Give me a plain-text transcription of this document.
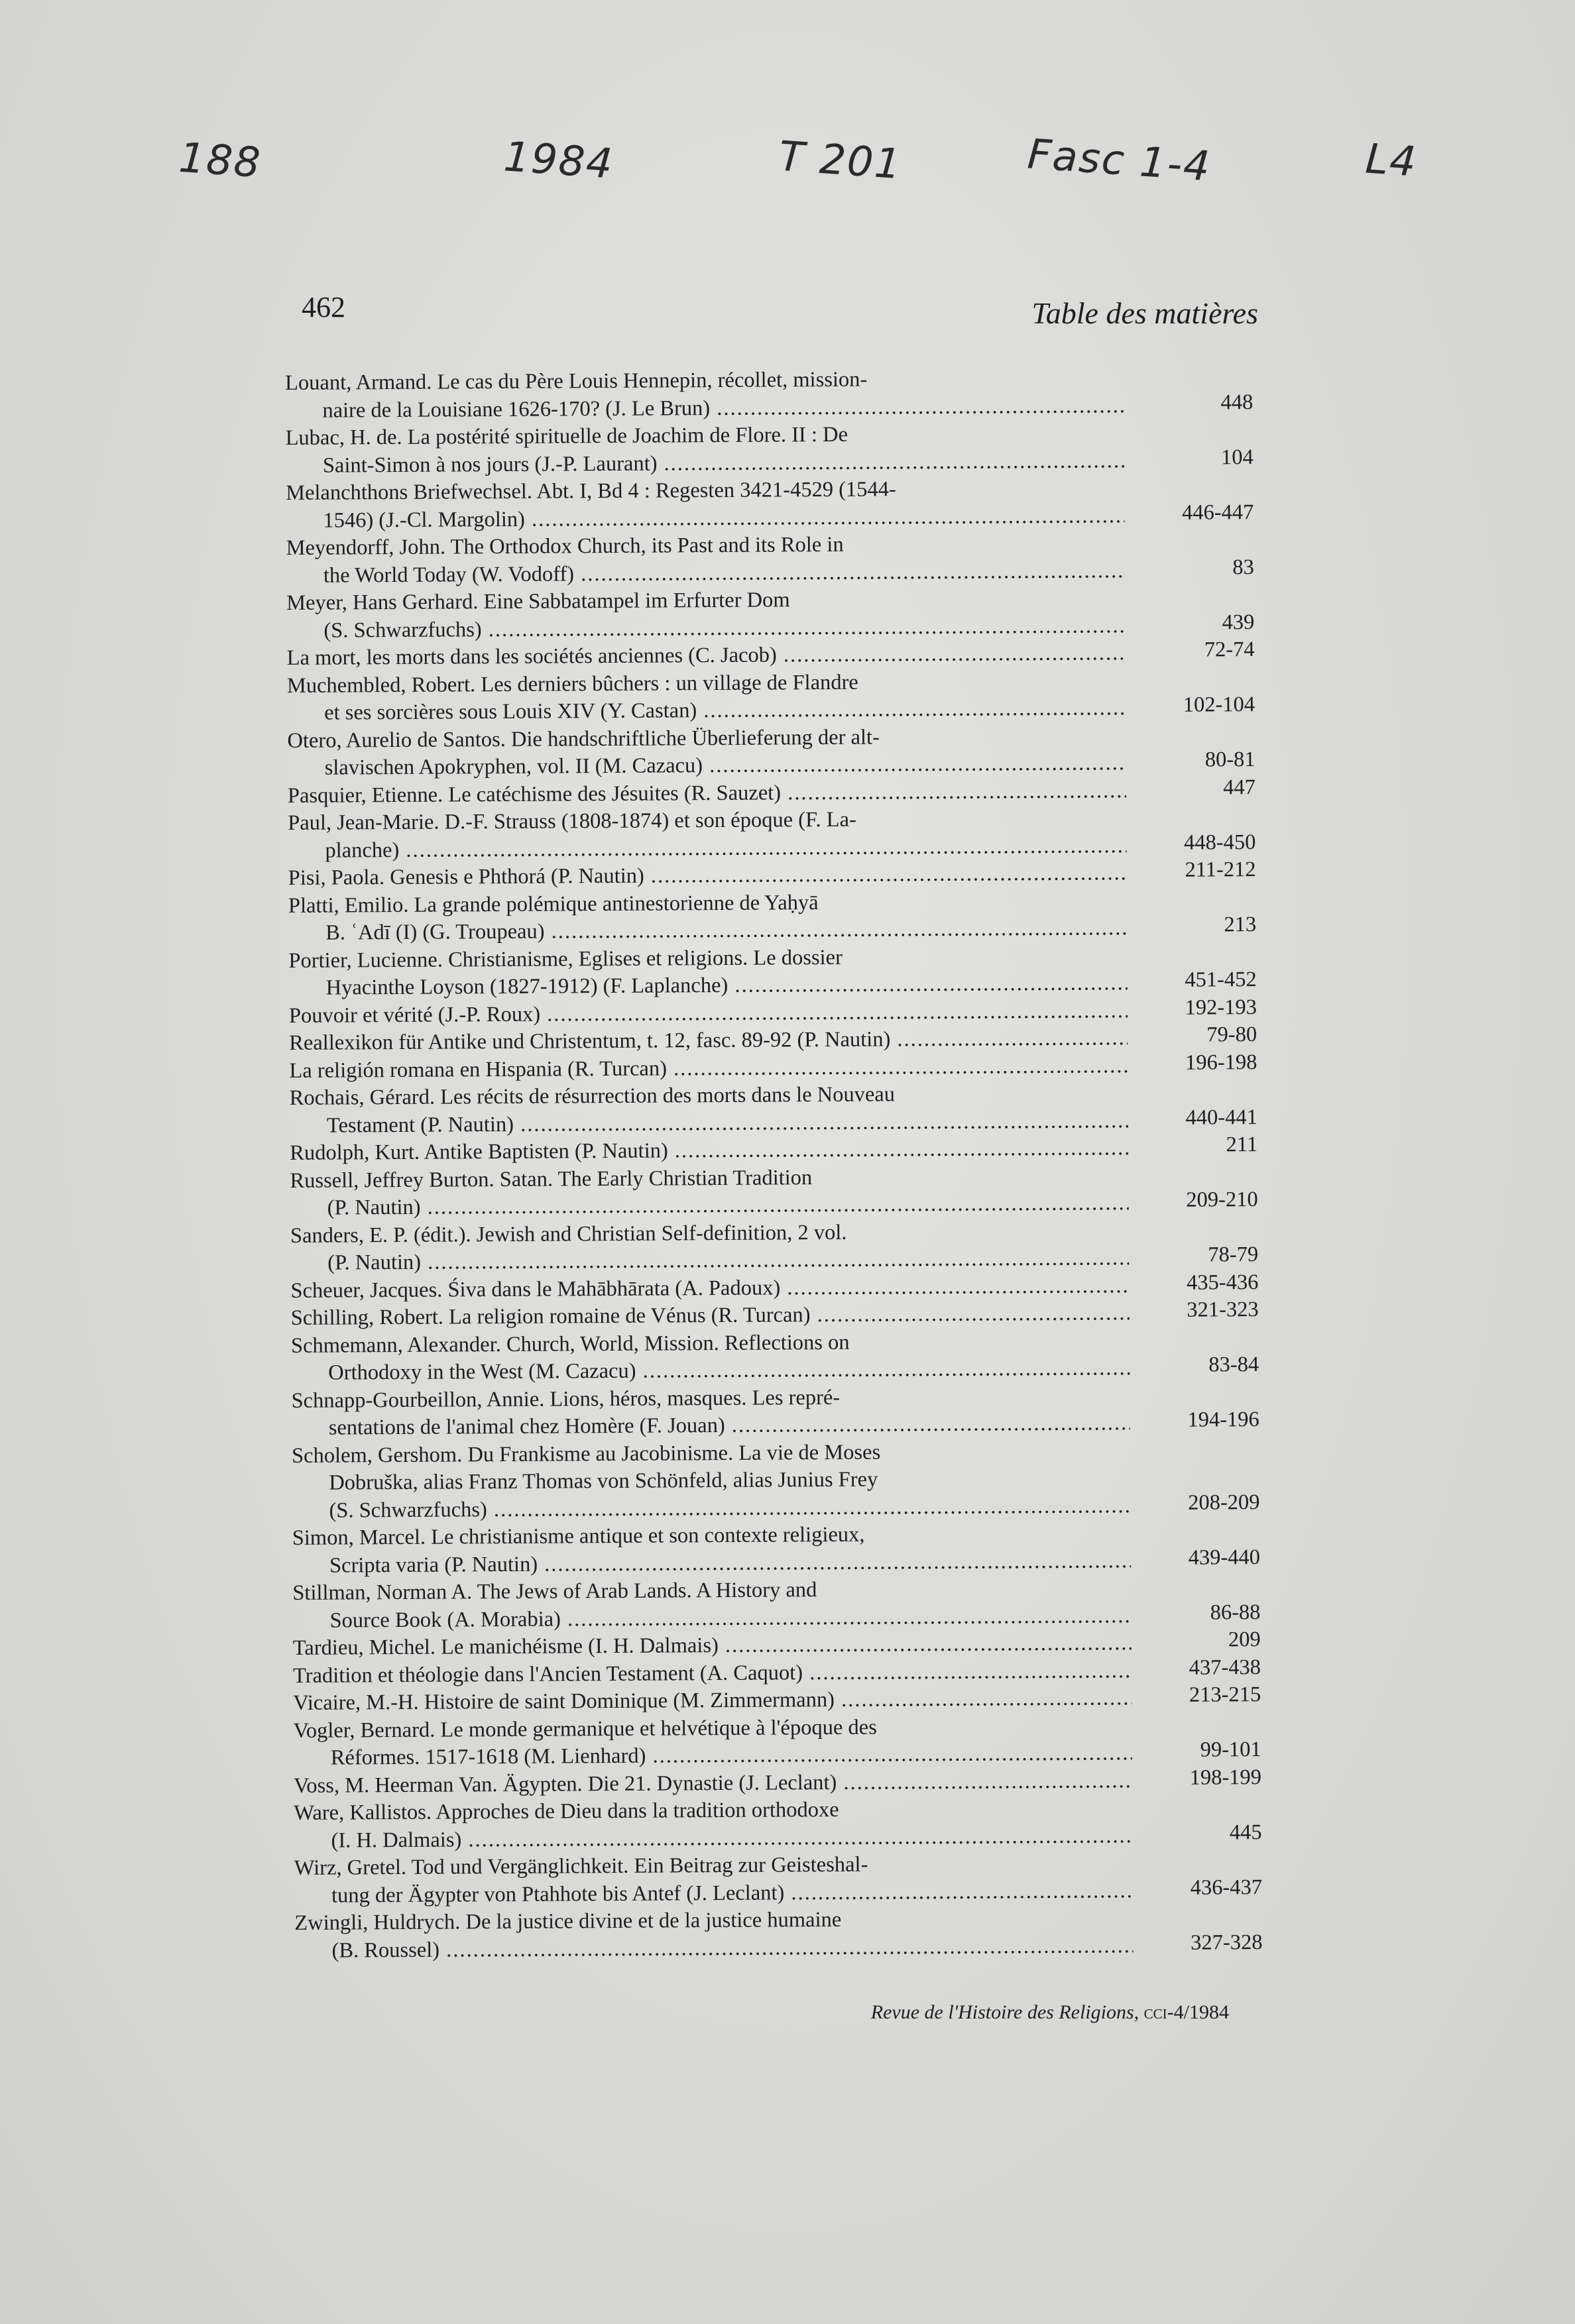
188	1984	T 201	Fasc 1-4	L4
462	Table des matières
Louant, Armand. Le cas du Père Louis Hennepin, récollet, mission-
naire de la Louisiane 1626-170? (J. Le Brun) .....	448
Lubac, H. de. La postérité spirituelle de Joachim de Flore. II : De
Saint-Simon à nos jours (J.-P. Laurant) .....	104
Melanchthons Briefwechsel. Abt. I, Bd 4 : Regesten 3421-4529 (1544-
1546) (J.-Cl. Margolin) .....	446-447
Meyendorff, John. The Orthodox Church, its Past and its Role in
the World Today (W. Vodoff) .....	83
Meyer, Hans Gerhard. Eine Sabbatampel im Erfurter Dom
(S. Schwarzfuchs) .....	439
La mort, les morts dans les sociétés anciennes (C. Jacob) .....	72-74
Muchembled, Robert. Les derniers bûchers : un village de Flandre
et ses sorcières sous Louis XIV (Y. Castan) .....	102-104
Otero, Aurelio de Santos. Die handschriftliche Überlieferung der alt-
slavischen Apokryphen, vol. II (M. Cazacu) .....	80-81
Pasquier, Etienne. Le catéchisme des Jésuites (R. Sauzet) .....	447
Paul, Jean-Marie. D.-F. Strauss (1808-1874) et son époque (F. La-
planche) .....	448-450
Pisi, Paola. Genesis e Phthorá (P. Nautin) .....	211-212
Platti, Emilio. La grande polémique antinestorienne de Yaḥyā
B. ʿAdī (I) (G. Troupeau) .....	213
Portier, Lucienne. Christianisme, Eglises et religions. Le dossier
Hyacinthe Loyson (1827-1912) (F. Laplanche) .....	451-452
Pouvoir et vérité (J.-P. Roux) .....	192-193
Reallexikon für Antike und Christentum, t. 12, fasc. 89-92 (P. Nautin) .....	79-80
La religión romana en Hispania (R. Turcan) .....	196-198
Rochais, Gérard. Les récits de résurrection des morts dans le Nouveau
Testament (P. Nautin) .....	440-441
Rudolph, Kurt. Antike Baptisten (P. Nautin) .....	211
Russell, Jeffrey Burton. Satan. The Early Christian Tradition
(P. Nautin) .....	209-210
Sanders, E. P. (édit.). Jewish and Christian Self-definition, 2 vol.
(P. Nautin) .....	78-79
Scheuer, Jacques. Śiva dans le Mahābhārata (A. Padoux) .....	435-436
Schilling, Robert. La religion romaine de Vénus (R. Turcan) .....	321-323
Schmemann, Alexander. Church, World, Mission. Reflections on
Orthodoxy in the West (M. Cazacu) .....	83-84
Schnapp-Gourbeillon, Annie. Lions, héros, masques. Les repré-
sentations de l'animal chez Homère (F. Jouan) .....	194-196
Scholem, Gershom. Du Frankisme au Jacobinisme. La vie de Moses
Dobruška, alias Franz Thomas von Schönfeld, alias Junius Frey
(S. Schwarzfuchs) .....	208-209
Simon, Marcel. Le christianisme antique et son contexte religieux,
Scripta varia (P. Nautin) .....	439-440
Stillman, Norman A. The Jews of Arab Lands. A History and
Source Book (A. Morabia) .....	86-88
Tardieu, Michel. Le manichéisme (I. H. Dalmais) .....	209
Tradition et théologie dans l'Ancien Testament (A. Caquot) .....	437-438
Vicaire, M.-H. Histoire de saint Dominique (M. Zimmermann) .....	213-215
Vogler, Bernard. Le monde germanique et helvétique à l'époque des
Réformes. 1517-1618 (M. Lienhard) .....	99-101
Voss, M. Heerman Van. Ägypten. Die 21. Dynastie (J. Leclant) .....	198-199
Ware, Kallistos. Approches de Dieu dans la tradition orthodoxe
(I. H. Dalmais) .....	445
Wirz, Gretel. Tod und Vergänglichkeit. Ein Beitrag zur Geisteshal-
tung der Ägypter von Ptahhote bis Antef (J. Leclant) .....	436-437
Zwingli, Huldrych. De la justice divine et de la justice humaine
(B. Roussel) .....	327-328
Revue de l'Histoire des Religions, cci-4/1984
